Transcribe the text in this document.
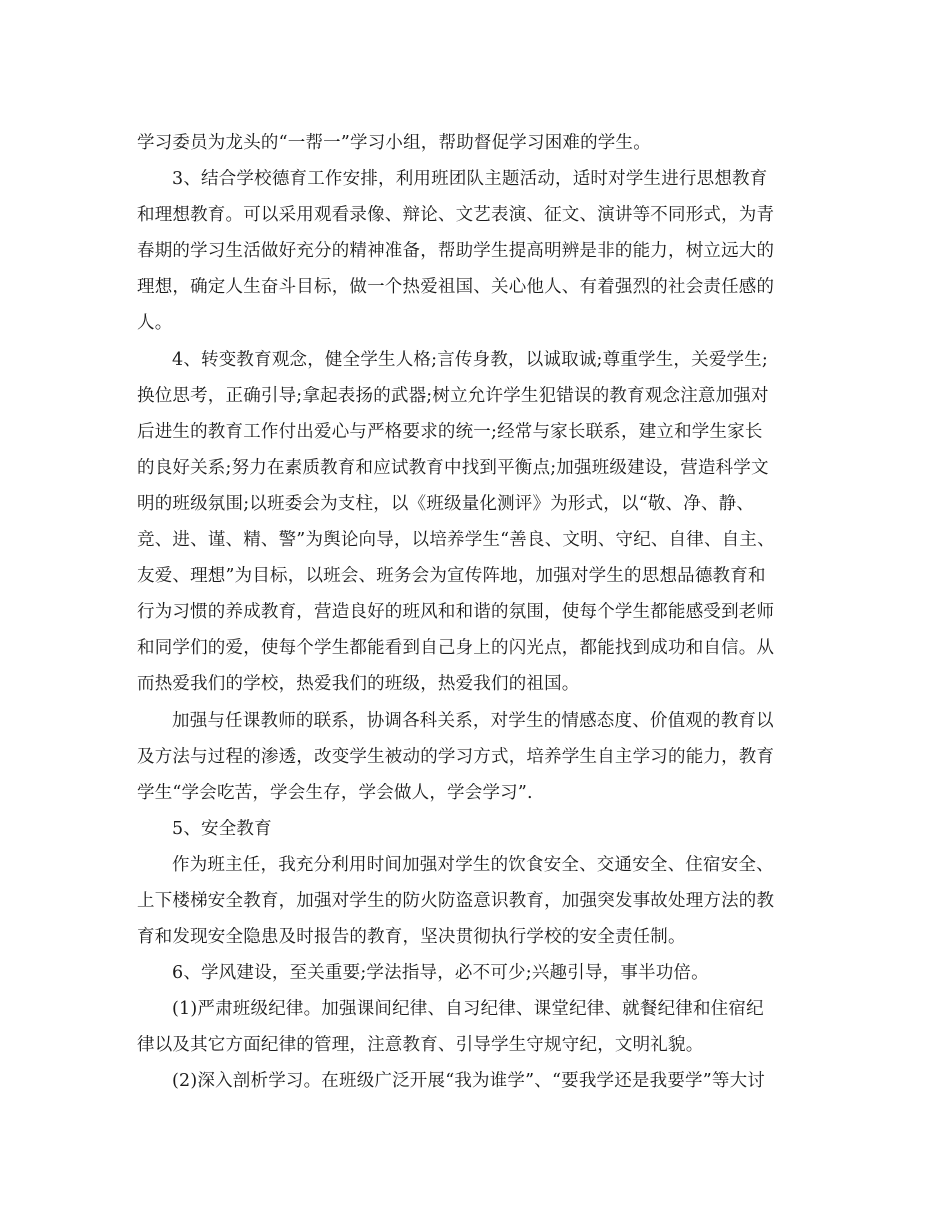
学习委员为龙头的“一帮一”学习小组，帮助督促学习困难的学生。
3、结合学校德育工作安排，利用班团队主题活动，适时对学生进行思想教育
和理想教育。可以采用观看录像、辩论、文艺表演、征文、演讲等不同形式，为青
春期的学习生活做好充分的精神准备，帮助学生提高明辨是非的能力，树立远大的
理想，确定人生奋斗目标，做一个热爱祖国、关心他人、有着强烈的社会责任感的
人。
4、转变教育观念，健全学生人格;言传身教，以诚取诚;尊重学生，关爱学生;
换位思考，正确引导;拿起表扬的武器;树立允许学生犯错误的教育观念注意加强对
后进生的教育工作付出爱心与严格要求的统一;经常与家长联系，建立和学生家长
的良好关系;努力在素质教育和应试教育中找到平衡点;加强班级建设，营造科学文
明的班级氛围;以班委会为支柱，以《班级量化测评》为形式，以“敬、净、静、
竞、进、谨、精、警”为舆论向导，以培养学生“善良、文明、守纪、自律、自主、
友爱、理想”为目标，以班会、班务会为宣传阵地，加强对学生的思想品德教育和
行为习惯的养成教育，营造良好的班风和和谐的氛围，使每个学生都能感受到老师
和同学们的爱，使每个学生都能看到自己身上的闪光点，都能找到成功和自信。从
而热爱我们的学校，热爱我们的班级，热爱我们的祖国。
加强与任课教师的联系，协调各科关系，对学生的情感态度、价值观的教育以
及方法与过程的渗透，改变学生被动的学习方式，培养学生自主学习的能力，教育
学生“学会吃苦，学会生存，学会做人，学会学习”.
5、安全教育
作为班主任，我充分利用时间加强对学生的饮食安全、交通安全、住宿安全、
上下楼梯安全教育，加强对学生的防火防盗意识教育，加强突发事故处理方法的教
育和发现安全隐患及时报告的教育，坚决贯彻执行学校的安全责任制。
6、学风建设，至关重要;学法指导，必不可少;兴趣引导，事半功倍。
(1)严肃班级纪律。加强课间纪律、自习纪律、课堂纪律、就餐纪律和住宿纪
律以及其它方面纪律的管理，注意教育、引导学生守规守纪，文明礼貌。
(2)深入剖析学习。在班级广泛开展“我为谁学”、“要我学还是我要学”等大讨
